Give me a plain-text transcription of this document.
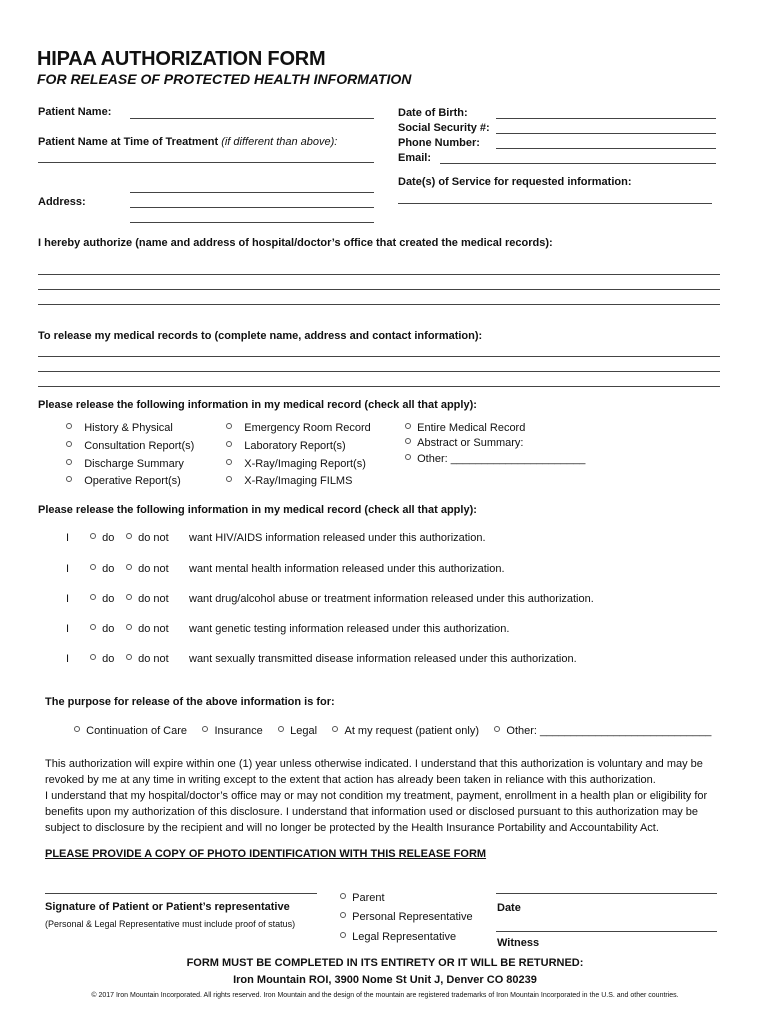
HIPAA AUTHORIZATION FORM
FOR RELEASE OF PROTECTED HEALTH INFORMATION
Patient Name:
Patient Name at Time of Treatment (if different than above):
Address:
Date of Birth:
Social Security #:
Phone Number:
Email:
Date(s) of Service for requested information:
I hereby authorize (name and address of hospital/doctor’s office that created the medical records):
To release my medical records to (complete name, address and contact information):
Please release the following information in my medical record (check all that apply):
History & Physical
Consultation Report(s)
Discharge Summary
Operative Report(s)
Emergency Room Record
Laboratory Report(s)
X-Ray/Imaging Report(s)
X-Ray/Imaging FILMS
Entire Medical Record
Abstract or Summary:
Other: ______________________
Please release the following information in my medical record (check all that apply):
I	do	do not want HIV/AIDS information released under this authorization.
I	do	do not want mental health information released under this authorization.
I	do	do not want drug/alcohol abuse or treatment information released under this authorization.
I	do	do not want genetic testing information released under this authorization.
I	do	do not want sexually transmitted disease information released under this authorization.
The purpose for release of the above information is for:
Continuation of Care Insurance Legal At my request (patient only) Other: ____________________________

This authorization will expire within one (1) year unless otherwise indicated. I understand that this authorization is voluntary and may be revoked by me at any time in writing except to the extent that action has already been taken in reliance with this authorization.

I understand that my hospital/doctor’s office may or may not condition my treatment, payment, enrollment in a health plan or eligibility for benefits upon my authorization of this disclosure. I understand that information used or disclosed pursuant to this authorization may be subject to disclosure by the recipient and will no longer be protected by the Health Insurance Portability and Accountability Act.

PLEASE PROVIDE A COPY OF PHOTO IDENTIFICATION WITH THIS RELEASE FORM
Signature of Patient or Patient’s representative
(Personal & Legal Representative must include proof of status)
Parent
Personal Representative
Legal Representative
Date
Witness
FORM MUST BE COMPLETED IN ITS ENTIRETY OR IT WILL BE RETURNED:
Iron Mountain ROI, 3900 Nome St Unit J, Denver CO 80239
© 2017 Iron Mountain Incorporated. All rights reserved. Iron Mountain and the design of the mountain are registered trademarks of Iron Mountain Incorporated in the U.S. and other countries.
